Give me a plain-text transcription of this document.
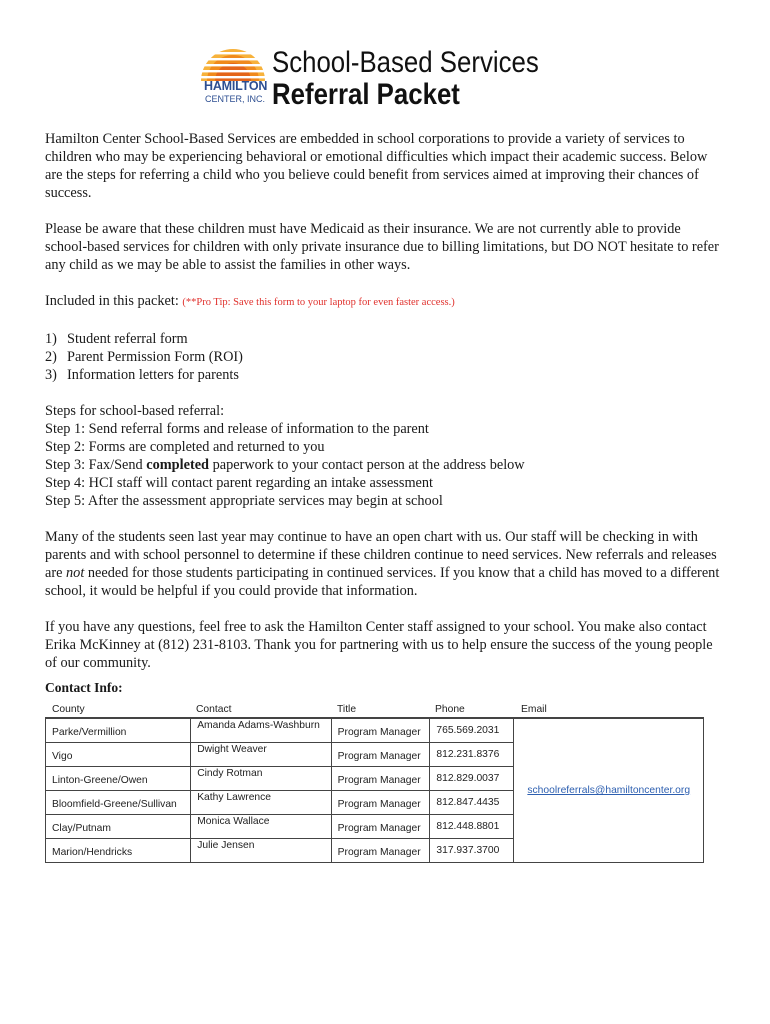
HAMILTON
CENTER, INC.
School-Based Services
Referral Packet

Hamilton Center School-Based Services are embedded in school corporations to provide a variety of services to children who may be experiencing behavioral or emotional difficulties which impact their academic success. Below are the steps for referring a child who you believe could benefit from services aimed at improving their chances of success.

Please be aware that these children must have Medicaid as their insurance. We are not currently able to provide school-based services for children with only private insurance due to billing limitations, but DO NOT hesitate to refer any child as we may be able to assist the families in other ways.

Included in this packet: (**Pro Tip: Save this form to your laptop for even faster access.)

1) Student referral form
2) Parent Permission Form (ROI)
3) Information letters for parents

Steps for school-based referral:

Step 1: Send referral forms and release of information to the parent

Step 2: Forms are completed and returned to you

Step 3: Fax/Send completed paperwork to your contact person at the address below

Step 4: HCI staff will contact parent regarding an intake assessment

Step 5: After the assessment appropriate services may begin at school

Many of the students seen last year may continue to have an open chart with us. Our staff will be checking in with parents and with school personnel to determine if these children continue to need services. New referrals and releases are not needed for those students participating in continued services. If you know that a child has moved to a different school, it would be helpful if you could provide that information.

If you have any questions, feel free to ask the Hamilton Center staff assigned to your school. You make also contact Erika McKinney at (812) 231-8103. Thank you for partnering with us to help ensure the success of the young people of our community.

Contact Info:
County	Contact	Title	Phone	Email
Parke/Vermillion	Amanda Adams-Washburn	Program Manager	765.569.2031	schoolreferrals@hamiltoncenter.org
Vigo	Dwight Weaver	Program Manager	812.231.8376	
Linton-Greene/Owen	Cindy Rotman	Program Manager	812.829.0037	
Bloomfield-Greene/Sullivan	Kathy Lawrence	Program Manager	812.847.4435	
Clay/Putnam	Monica Wallace	Program Manager	812.448.8801	
Marion/Hendricks	Julie Jensen	Program Manager	317.937.3700	
